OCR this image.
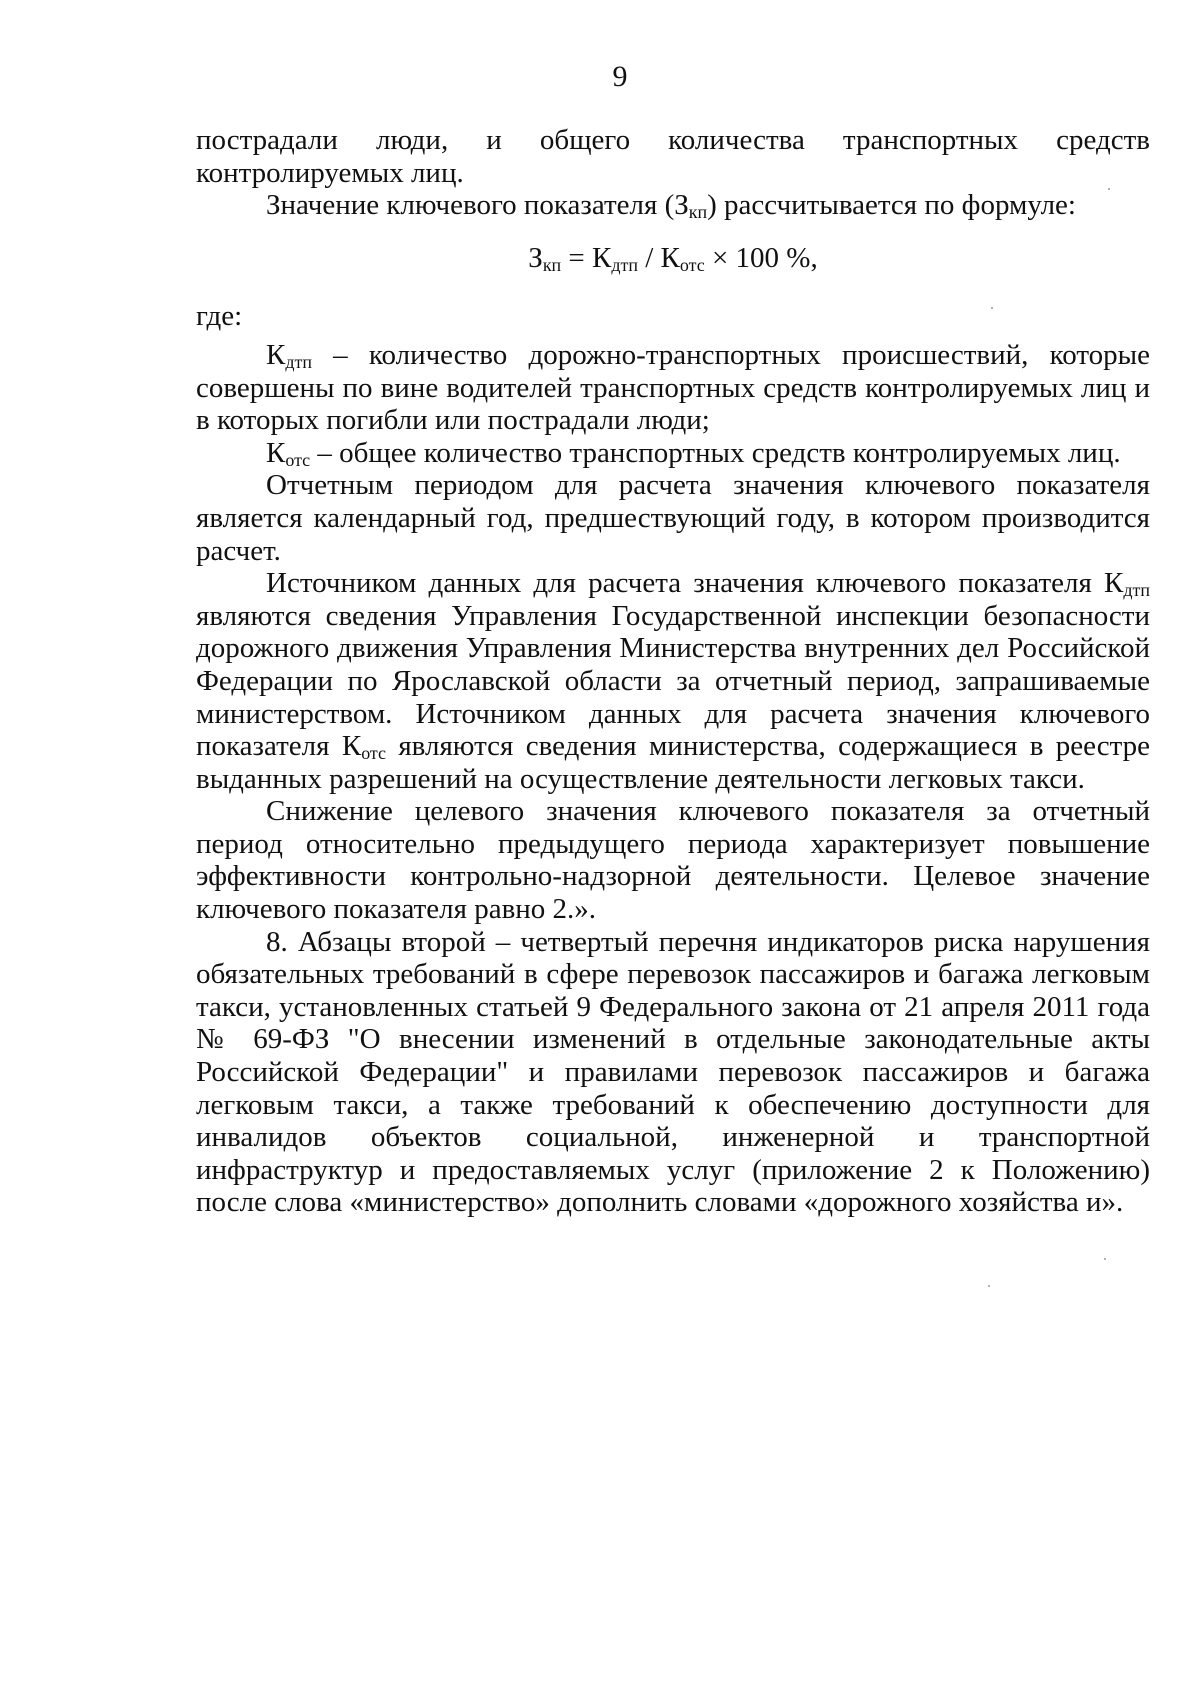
9

пострадали люди, и общего количества транспортных средств

контролируемых лиц.

Значение ключевого показателя $(З_{кп})$ рассчитывается по формуле:

$З_{кп} = К_{дтп} / К_{отс} \times 100$ %,

где:

$К_{дтп}$ – количество дорожно-транспортных происшествий, которые совершены по вине водителей транспортных средств контролируемых лиц и в которых погибли или пострадали люди;

$К_{отс}$ – общее количество транспортных средств контролируемых лиц.

Отчетным периодом для расчета значения ключевого показателя является календарный год, предшествующий году, в котором производится расчет.

Источником данных для расчета значения ключевого показателя $К_{дтп}$ являются сведения Управления Государственной инспекции безопасности дорожного движения Управления Министерства внутренних дел Российской Федерации по Ярославской области за отчетный период, запрашиваемые министерством. Источником данных для расчета значения ключевого показателя $К_{отс}$ являются сведения министерства, содержащиеся в реестре выданных разрешений на осуществление деятельности легковых такси.

Снижение целевого значения ключевого показателя за отчетный период относительно предыдущего периода характеризует повышение эффективности контрольно-надзорной деятельности. Целевое значение ключевого показателя равно 2.».

8. Абзацы второй – четвертый перечня индикаторов риска нарушения обязательных требований в сфере перевозок пассажиров и багажа легковым такси, установленных статьей 9 Федерального закона от 21 апреля 2011 года № 69-ФЗ "О внесении изменений в отдельные законодательные акты Российской Федерации" и правилами перевозок пассажиров и багажа легковым такси, а также требований к обеспечению доступности для инвалидов объектов социальной, инженерной и транспортной инфраструктур и предоставляемых услуг (приложение 2 к Положению) после слова «министерство» дополнить словами «дорожного хозяйства и».
